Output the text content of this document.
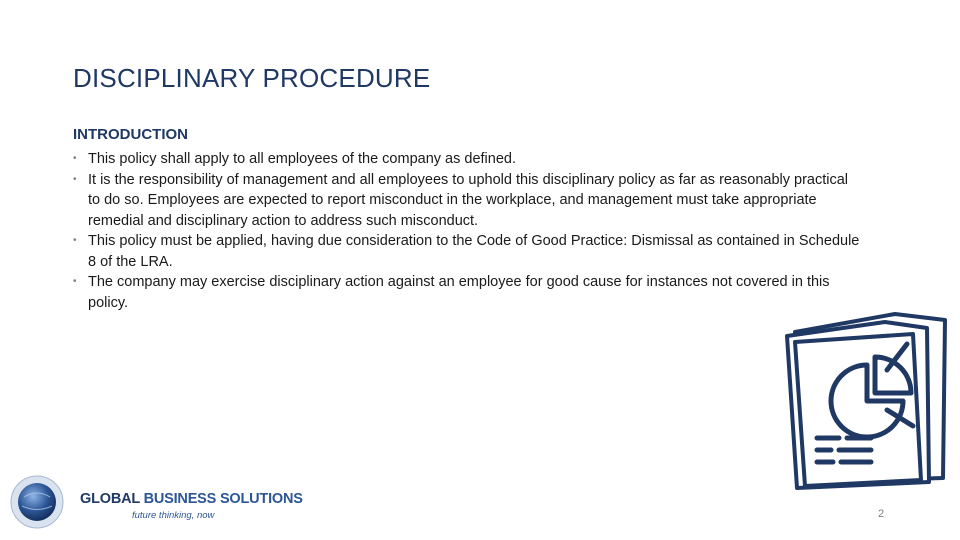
DISCIPLINARY PROCEDURE
INTRODUCTION
• This policy shall apply to all employees of the company as defined.
• It is the responsibility of management and all employees to uphold this disciplinary policy as far as reasonably practical to do so. Employees are expected to report misconduct in the workplace, and management must take appropriate remedial and disciplinary action to address such misconduct.
• This policy must be applied, having due consideration to the Code of Good Practice: Dismissal as contained in Schedule 8 of the LRA.
• The company may exercise disciplinary action against an employee for good cause for instances not covered in this policy.
GLOBAL BUSINESS SOLUTIONS
future thinking, now	2
